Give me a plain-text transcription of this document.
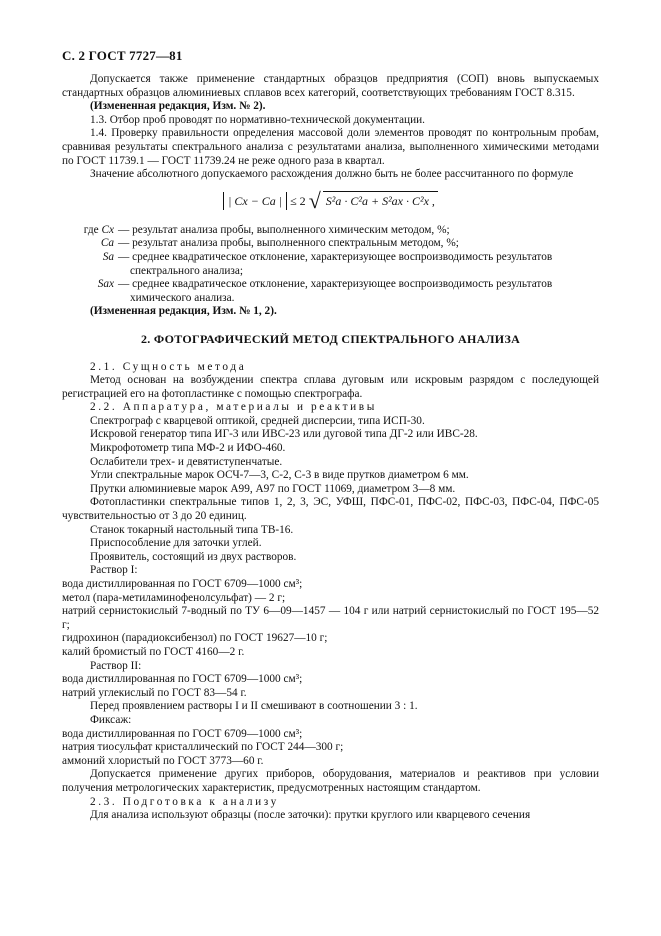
С. 2 ГОСТ 7727—81

Допускается также применение стандартных образцов предприятия (СОП) вновь выпускаемых стандартных образцов алюминиевых сплавов всех категорий, соответствующих требованиям ГОСТ 8.315.

(Измененная редакция, Изм. № 2).

1.3. Отбор проб проводят по нормативно-технической документации.

1.4. Проверку правильности определения массовой доли элементов проводят по контрольным пробам, сравнивая результаты спектрального анализа с результатами анализа, выполненного химическими методами по ГОСТ 11739.1 — ГОСТ 11739.24 не реже одного раза в квартал.

Значение абсолютного допускаемого расхождения должно быть не более рассчитанного по формуле

| Cx − Ca | ≤ 2 √ S²a · C²a + S²ax · C²x ,
где Cx — результат анализа пробы, выполненного химическим методом, %;
Ca — результат анализа пробы, выполненного спектральным методом, %;
Sa — среднее квадратическое отклонение, характеризующее воспроизводимость результатов
спектрального анализа;
Sax — среднее квадратическое отклонение, характеризующее воспроизводимость результатов
химического анализа.

(Измененная редакция, Изм. № 1, 2).

2. ФОТОГРАФИЧЕСКИЙ МЕТОД СПЕКТРАЛЬНОГО АНАЛИЗА

2.1. Сущность метода

Метод основан на возбуждении спектра сплава дуговым или искровым разрядом с последующей регистрацией его на фотопластинке с помощью спектрографа.

2.2. Аппаратура, материалы и реактивы

Спектрограф с кварцевой оптикой, средней дисперсии, типа ИСП-30.

Искровой генератор типа ИГ-3 или ИВС-23 или дуговой типа ДГ-2 или ИВС-28.

Микрофотометр типа МФ-2 и ИФО-460.

Ослабители трех- и девятиступенчатые.

Угли спектральные марок ОСЧ-7—3, С-2, С-3 в виде прутков диаметром 6 мм.

Прутки алюминиевые марок А99, А97 по ГОСТ 11069, диаметром 3—8 мм.

Фотопластинки спектральные типов 1, 2, 3, ЭС, УФШ, ПФС-01, ПФС-02, ПФС-03, ПФС-04, ПФС-05 чувствительностью от 3 до 20 единиц.

Станок токарный настольный типа ТВ-16.

Приспособление для заточки углей.

Проявитель, состоящий из двух растворов.

Раствор I:

вода дистиллированная по ГОСТ 6709—1000 см³;

метол (пара-метиламинофенолсульфат) — 2 г;

натрий сернистокислый 7-водный по ТУ 6—09—1457 — 104 г или натрий сернистокислый по ГОСТ 195—52 г;

гидрохинон (парадиоксибензол) по ГОСТ 19627—10 г;

калий бромистый по ГОСТ 4160—2 г.

Раствор II:

вода дистиллированная по ГОСТ 6709—1000 см³;

натрий углекислый по ГОСТ 83—54 г.

Перед проявлением растворы I и II смешивают в соотношении 3 : 1.

Фиксаж:

вода дистиллированная по ГОСТ 6709—1000 см³;

натрия тиосульфат кристаллический по ГОСТ 244—300 г;

аммоний хлористый по ГОСТ 3773—60 г.

Допускается применение других приборов, оборудования, материалов и реактивов при условии получения метрологических характеристик, предусмотренных настоящим стандартом.

2.3. Подготовка к анализу

Для анализа используют образцы (после заточки): прутки круглого или кварцевого сечения
